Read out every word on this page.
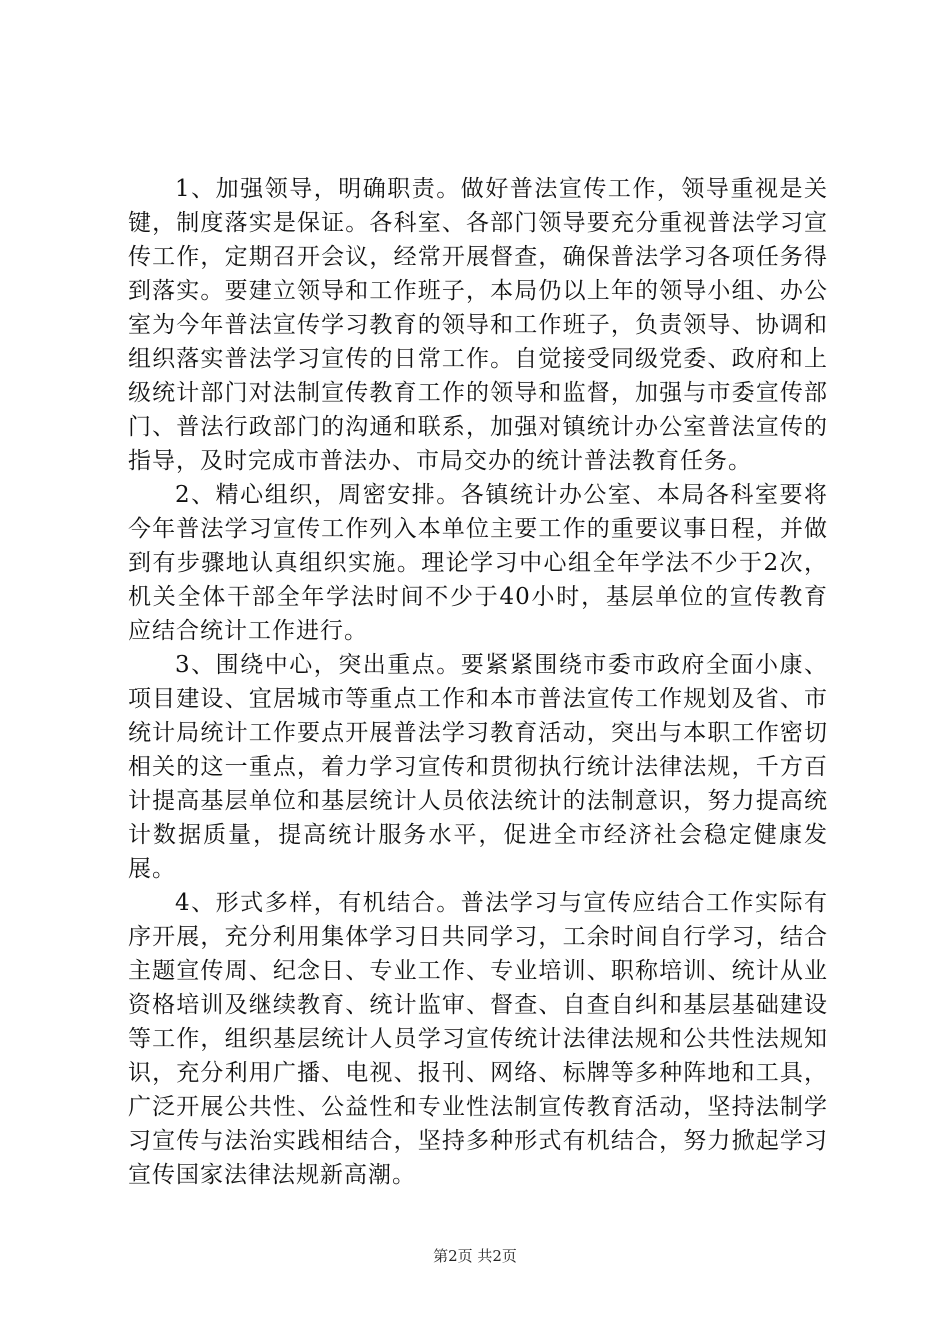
1、加强领导，明确职责。做好普法宣传工作，领导重视是关键，制度落实是保证。各科室、各部门领导要充分重视普法学习宣传工作，定期召开会议，经常开展督查，确保普法学习各项任务得到落实。要建立领导和工作班子，本局仍以上年的领导小组、办公室为今年普法宣传学习教育的领导和工作班子，负责领导、协调和组织落实普法学习宣传的日常工作。自觉接受同级党委、政府和上级统计部门对法制宣传教育工作的领导和监督，加强与市委宣传部门、普法行政部门的沟通和联系，加强对镇统计办公室普法宣传的指导，及时完成市普法办、市局交办的统计普法教育任务。

2、精心组织，周密安排。各镇统计办公室、本局各科室要将今年普法学习宣传工作列入本单位主要工作的重要议事日程，并做到有步骤地认真组织实施。理论学习中心组全年学法不少于2次，机关全体干部全年学法时间不少于40小时，基层单位的宣传教育应结合统计工作进行。

3、围绕中心，突出重点。要紧紧围绕市委市政府全面小康、项目建设、宜居城市等重点工作和本市普法宣传工作规划及省、市统计局统计工作要点开展普法学习教育活动，突出与本职工作密切相关的这一重点，着力学习宣传和贯彻执行统计法律法规，千方百计提高基层单位和基层统计人员依法统计的法制意识，努力提高统计数据质量，提高统计服务水平，促进全市经济社会稳定健康发展。

4、形式多样，有机结合。普法学习与宣传应结合工作实际有序开展，充分利用集体学习日共同学习，工余时间自行学习，结合主题宣传周、纪念日、专业工作、专业培训、职称培训、统计从业资格培训及继续教育、统计监审、督查、自查自纠和基层基础建设等工作，组织基层统计人员学习宣传统计法律法规和公共性法规知识，充分利用广播、电视、报刊、网络、标牌等多种阵地和工具，广泛开展公共性、公益性和专业性法制宣传教育活动，坚持法制学习宣传与法治实践相结合，坚持多种形式有机结合，努力掀起学习宣传国家法律法规新高潮。

第2页 共2页
